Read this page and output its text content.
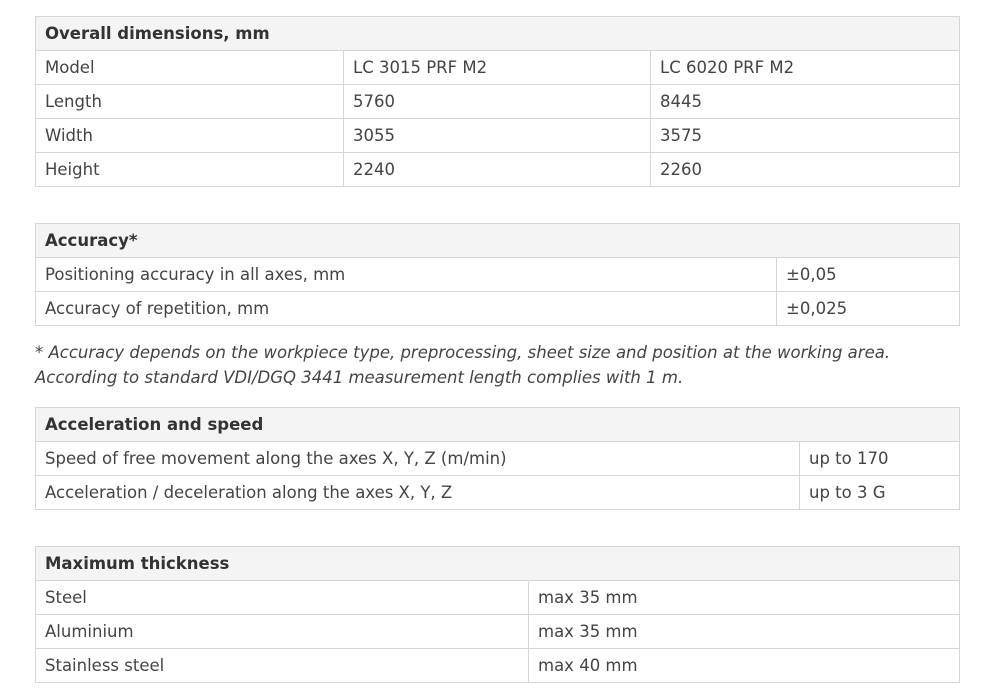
Overall dimensions, mm		
Model	LC 3015 PRF M2	LC 6020 PRF M2
Length	5760	8445
Width	3055	3575
Height	2240	2260
Accuracy*	
Positioning accuracy in all axes, mm	±0,05
Accuracy of repetition, mm	±0,025
* Accuracy depends on the workpiece type, preprocessing, sheet size and position at the working area. According to standard VDI/DGQ 3441 measurement length complies with 1 m.
Acceleration and speed	
Speed of free movement along the axes X, Y, Z (m/min)	up to 170
Acceleration / deceleration along the axes X, Y, Z	up to 3 G
Maximum thickness	
Steel	max 35 mm
Aluminium	max 35 mm
Stainless steel	max 40 mm
